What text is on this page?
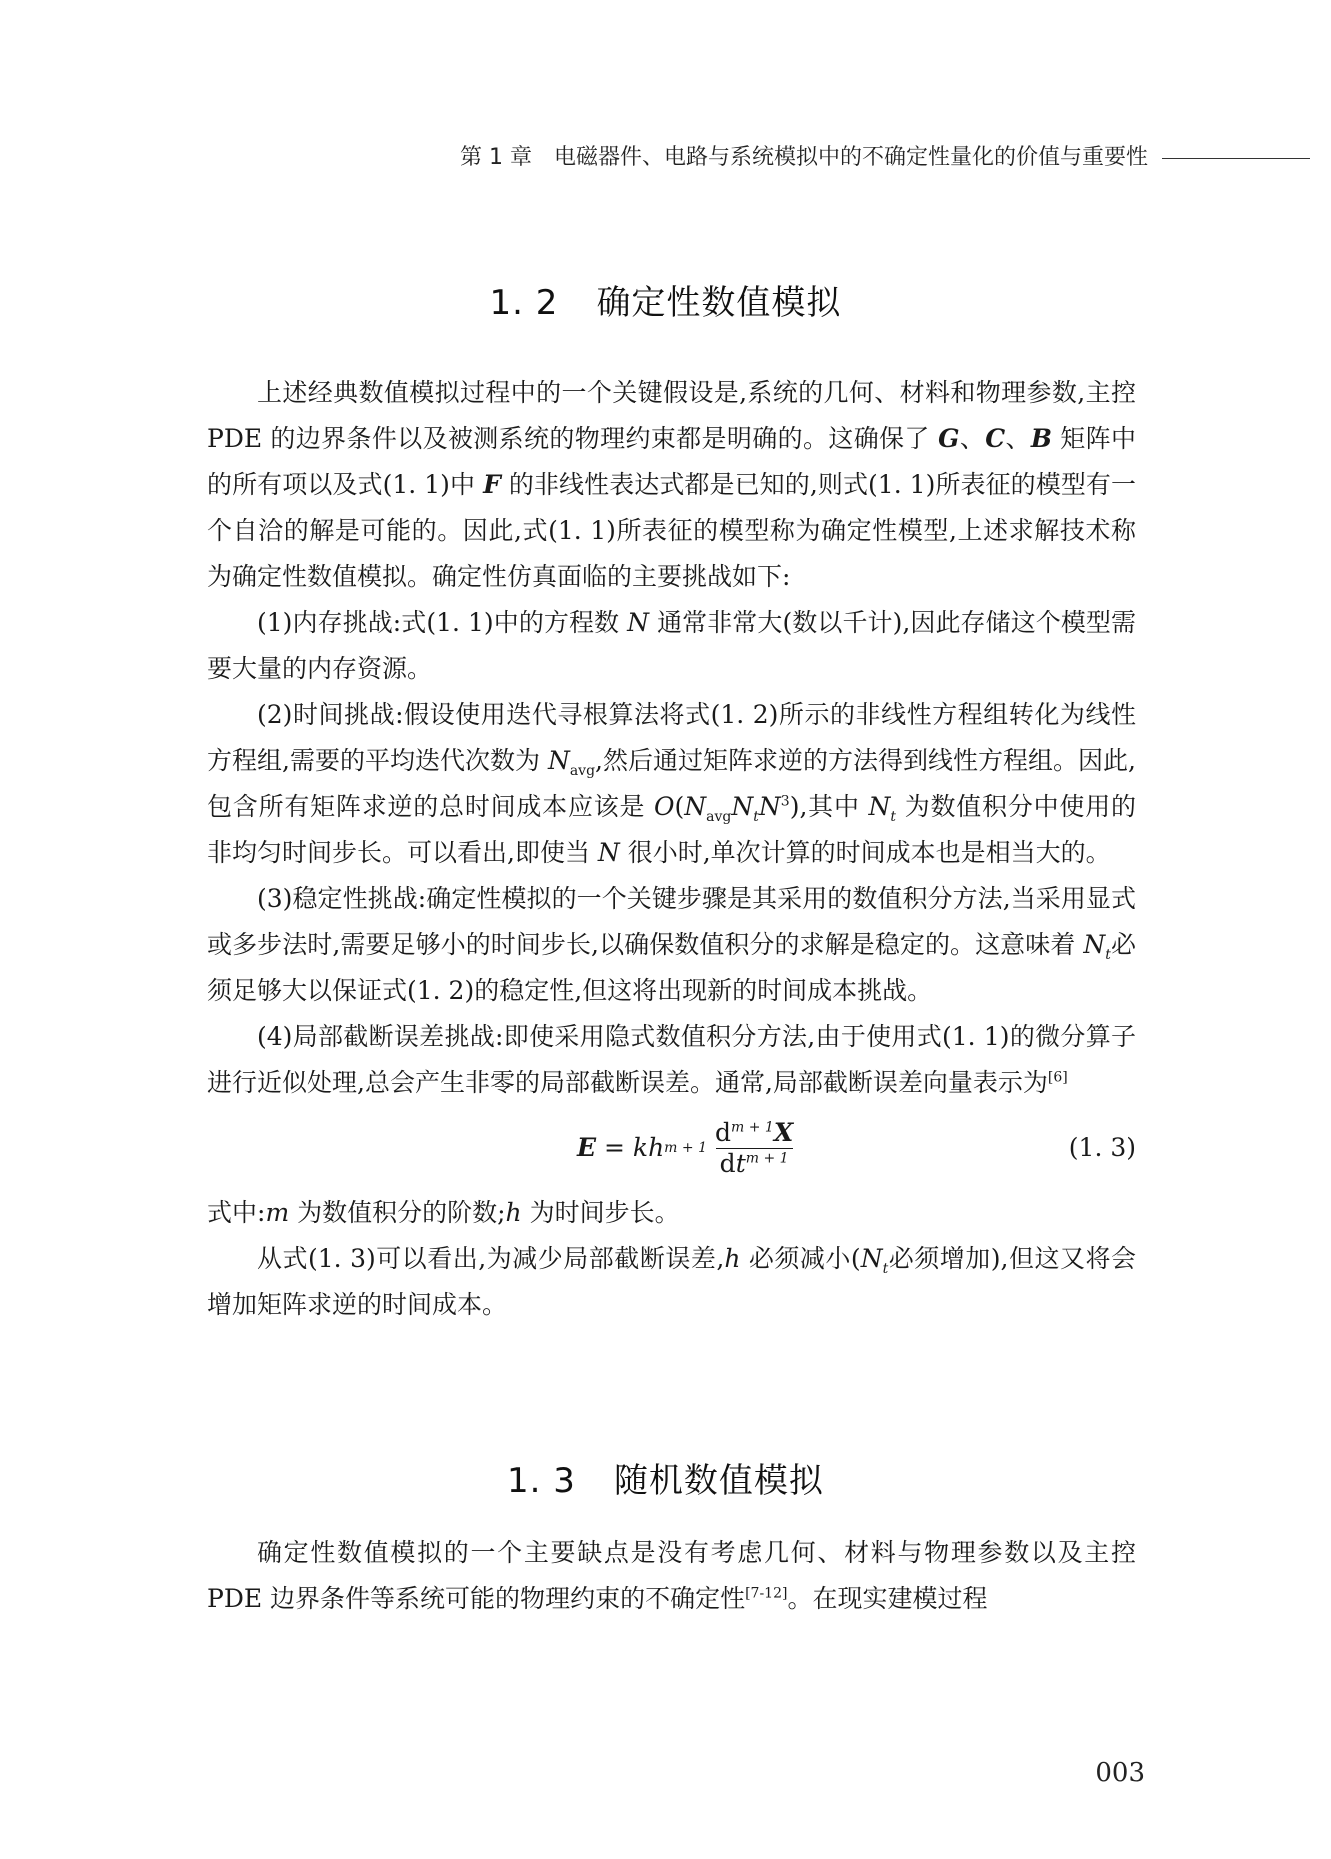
第 1 章 电磁器件、电路与系统模拟中的不确定性量化的价值与重要性
1. 2 确定性数值模拟

上述经典数值模拟过程中的一个关键假设是,系统的几何、材料和物理参数,主控 PDE 的边界条件以及被测系统的物理约束都是明确的。这确保了 G、C、B 矩阵中的所有项以及式(1. 1)中 F 的非线性表达式都是已知的,则式(1. 1)所表征的模型有一个自洽的解是可能的。因此,式(1. 1)所表征的模型称为确定性模型,上述求解技术称为确定性数值模拟。确定性仿真面临的主要挑战如下:

(1)内存挑战:式(1. 1)中的方程数 N 通常非常大(数以千计),因此存储这个模型需要大量的内存资源。

(2)时间挑战:假设使用迭代寻根算法将式(1. 2)所示的非线性方程组转化为线性方程组,需要的平均迭代次数为 $N_{avg}$,然后通过矩阵求逆的方法得到线性方程组。因此,包含所有矩阵求逆的总时间成本应该是 $O(N_{avg}N_tN^3)$,其中 $N_t$ 为数值积分中使用的非均匀时间步长。可以看出,即使当 N 很小时,单次计算的时间成本也是相当大的。

(3)稳定性挑战:确定性模拟的一个关键步骤是其采用的数值积分方法,当采用显式或多步法时,需要足够小的时间步长,以确保数值积分的求解是稳定的。这意味着 $N_t$必须足够大以保证式(1. 2)的稳定性,但这将出现新的时间成本挑战。

(4)局部截断误差挑战:即使采用隐式数值积分方法,由于使用式(1. 1)的微分算子进行近似处理,总会产生非零的局部截断误差。通常,局部截断误差向量表示为[6]

E = k h $m + 1 \frac{d^{m + 1}X}{dt^{m + 1}}$	(1. 3)
式中:m 为数值积分的阶数;h 为时间步长。

从式(1. 3)可以看出,为减少局部截断误差,h 必须减小($N_t$必须增加),但这又将会增加矩阵求逆的时间成本。

1. 3 随机数值模拟

确定性数值模拟的一个主要缺点是没有考虑几何、材料与物理参数以及主控 PDE 边界条件等系统可能的物理约束的不确定性[7-12]。在现实建模过程

003
